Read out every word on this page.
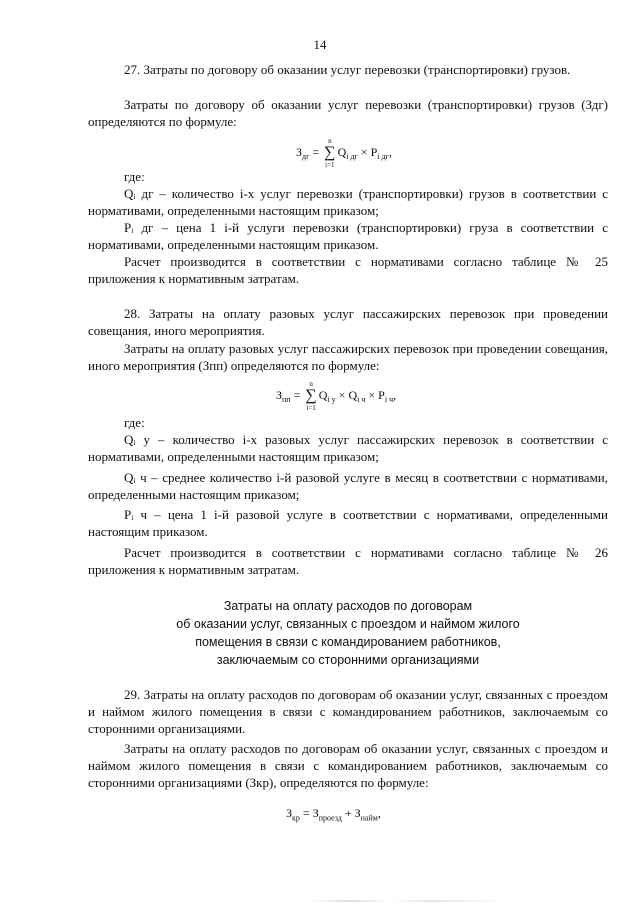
14

27. Затраты по договору об оказании услуг перевозки (транспортировки) грузов.

Затраты по договору об оказании услуг перевозки (транспортировки) грузов (Здг) определяются по формуле:

$З_{дг}$ =
n
∑
i=1
$Q_{i дг} \times P_{i дг}$,

где:

Qᵢ дг – количество i-х услуг перевозки (транспортировки) грузов в соответствии с нормативами, определенными настоящим приказом;

Pᵢ дг – цена 1 i-й услуги перевозки (транспортировки) груза в соответствии с нормативами, определенными настоящим приказом.

Расчет производится в соответствии с нормативами согласно таблице № 25 приложения к нормативным затратам.

28. Затраты на оплату разовых услуг пассажирских перевозок при проведении совещания, иного мероприятия.

Затраты на оплату разовых услуг пассажирских перевозок при проведении совещания, иного мероприятия (Зпп) определяются по формуле:

$З_{пп}$ =
n
∑
i=1
$Q_{i у} \times Q_{i ч} \times P_{i ч}$,

где:

Qᵢ у – количество i-х разовых услуг пассажирских перевозок в соответствии с нормативами, определенными настоящим приказом;

Qᵢ ч – среднее количество i-й разовой услуге в месяц в соответствии с нормативами, определенными настоящим приказом;

Pᵢ ч – цена 1 i-й разовой услуге в соответствии с нормативами, определенными настоящим приказом.

Расчет производится в соответствии с нормативами согласно таблице № 26 приложения к нормативным затратам.

Затраты на оплату расходов по договорам
об оказании услуг, связанных с проездом и наймом жилого
помещения в связи с командированием работников,
заключаемым со сторонними организациями

29. Затраты на оплату расходов по договорам об оказании услуг, связанных с проездом и наймом жилого помещения в связи с командированием работников, заключаемым со сторонними организациями.

Затраты на оплату расходов по договорам об оказании услуг, связанных с проездом и наймом жилого помещения в связи с командированием работников, заключаемым со сторонними организациями (Зкр), определяются по формуле:

$З_{кр} = З_{проезд} + З_{найм}$,
